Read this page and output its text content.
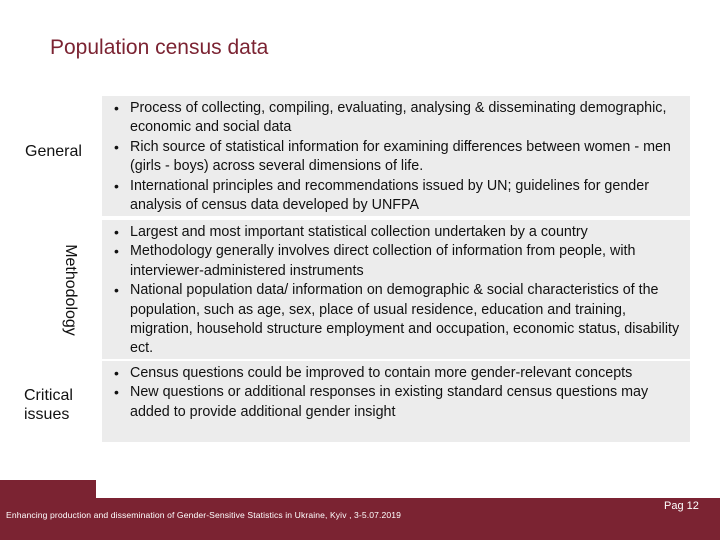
Population census data
General
• Process of collecting, compiling, evaluating, analysing & disseminating demographic, economic and social data
• Rich source of statistical information for examining differences between women - men (girls - boys) across several dimensions of life.
• International principles and recommendations issued by UN; guidelines for gender analysis of census data developed by UNFPA
Methodology
• Largest and most important statistical collection undertaken by a country
• Methodology generally involves direct collection of information from people, with interviewer-administered instruments
• National population data/ information on demographic & social characteristics of the population, such as age, sex, place of usual residence, education and training, migration, household structure employment and occupation, economic status, disability ect.
Critical issues
• Census questions could be improved to contain more gender-relevant concepts
• New questions or additional responses in existing standard census questions may added to provide additional gender insight
Enhancing production and dissemination of Gender-Sensitive Statistics in Ukraine, Kyiv , 3-5.07.2019
Pag 12
